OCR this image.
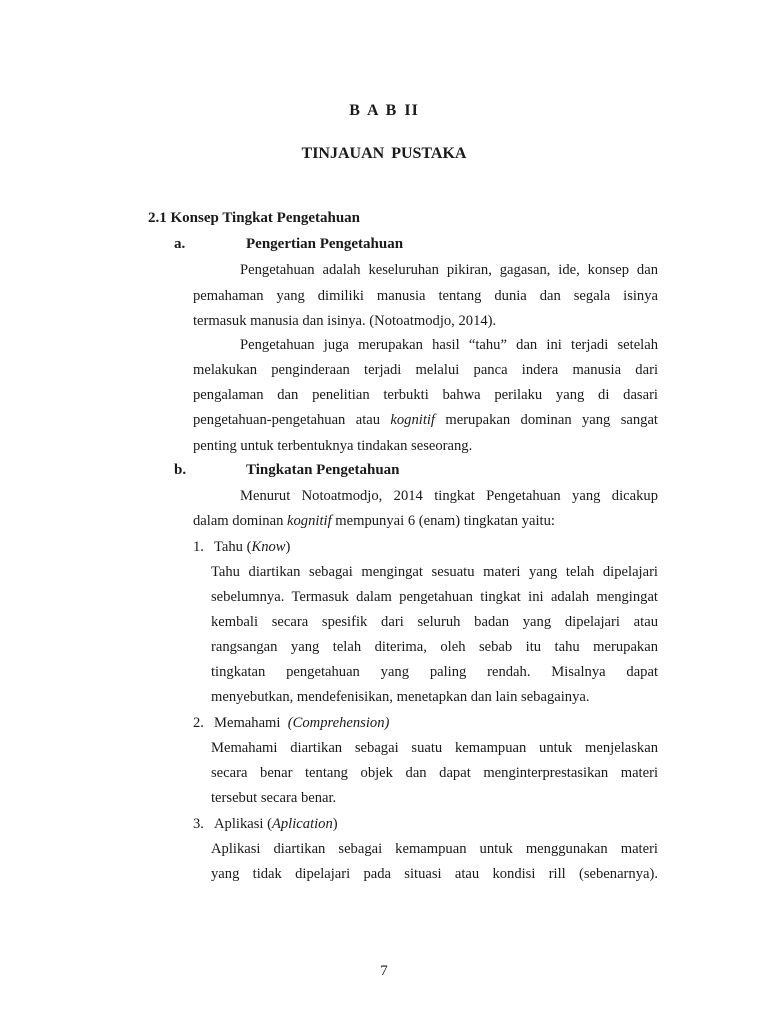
B A B II
TINJAUAN PUSTAKA
2.1 Konsep Tingkat Pengetahuan
a.	Pengertian Pengetahuan
Pengetahuan adalah keseluruhan pikiran, gagasan, ide, konsep dan
pemahaman yang dimiliki manusia tentang dunia dan segala isinya
termasuk manusia dan isinya. (Notoatmodjo, 2014).
Pengetahuan juga merupakan hasil “tahu” dan ini terjadi setelah
melakukan penginderaan terjadi melalui panca indera manusia dari
pengalaman dan penelitian terbukti bahwa perilaku yang di dasari
pengetahuan-pengetahuan atau kognitif merupakan dominan yang sangat
penting untuk terbentuknya tindakan seseorang.
b.	Tingkatan Pengetahuan
Menurut Notoatmodjo, 2014 tingkat Pengetahuan yang dicakup
dalam dominan kognitif mempunyai 6 (enam) tingkatan yaitu:
1. Tahu (Know)
Tahu diartikan sebagai mengingat sesuatu materi yang telah dipelajari
sebelumnya. Termasuk dalam pengetahuan tingkat ini adalah mengingat
kembali secara spesifik dari seluruh badan yang dipelajari atau
rangsangan yang telah diterima, oleh sebab itu tahu merupakan
tingkatan pengetahuan yang paling rendah. Misalnya dapat
menyebutkan, mendefenisikan, menetapkan dan lain sebagainya.
2. Memahami  (Comprehension)
Memahami diartikan sebagai suatu kemampuan untuk menjelaskan
secara benar tentang objek dan dapat menginterprestasikan materi
tersebut secara benar.
3. Aplikasi (Aplication)
Aplikasi diartikan sebagai kemampuan untuk menggunakan materi
yang tidak dipelajari pada situasi atau kondisi rill (sebenarnya).
7
